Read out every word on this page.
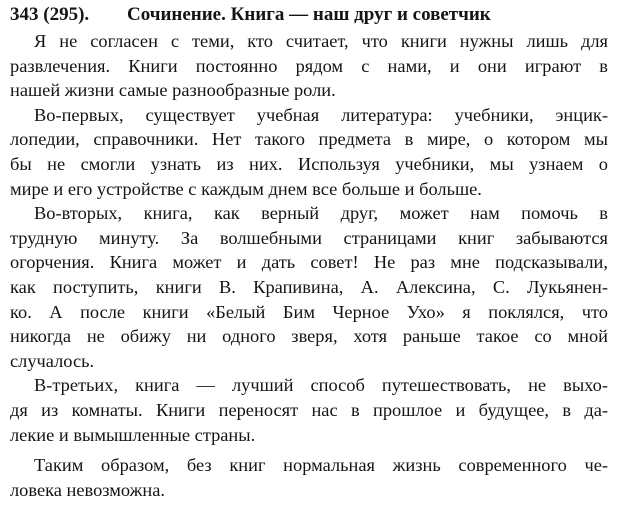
343 (295). Сочинение. Книга — наш друг и советчик
Я не согласен с теми, кто считает, что книги нужны лишь для
развлечения. Книги постоянно рядом с нами, и они играют в
нашей жизни самые разнообразные роли.
Во-первых, существует учебная литература: учебники, энцик-
лопедии, справочники. Нет такого предмета в мире, о котором мы
бы не смогли узнать из них. Используя учебники, мы узнаем о
мире и его устройстве с каждым днем все больше и больше.
Во-вторых, книга, как верный друг, может нам помочь в
трудную минуту. За волшебными страницами книг забываются
огорчения. Книга может и дать совет! Не раз мне подсказывали,
как поступить, книги В. Крапивина, А. Алексина, С. Лукьянен-
ко. А после книги «Белый Бим Черное Ухо» я поклялся, что
никогда не обижу ни одного зверя, хотя раньше такое со мной
случалось.
В-третьих, книга — лучший способ путешествовать, не выхо-
дя из комнаты. Книги переносят нас в прошлое и будущее, в да-
лекие и вымышленные страны.
Таким образом, без книг нормальная жизнь современного че-
ловека невозможна.
